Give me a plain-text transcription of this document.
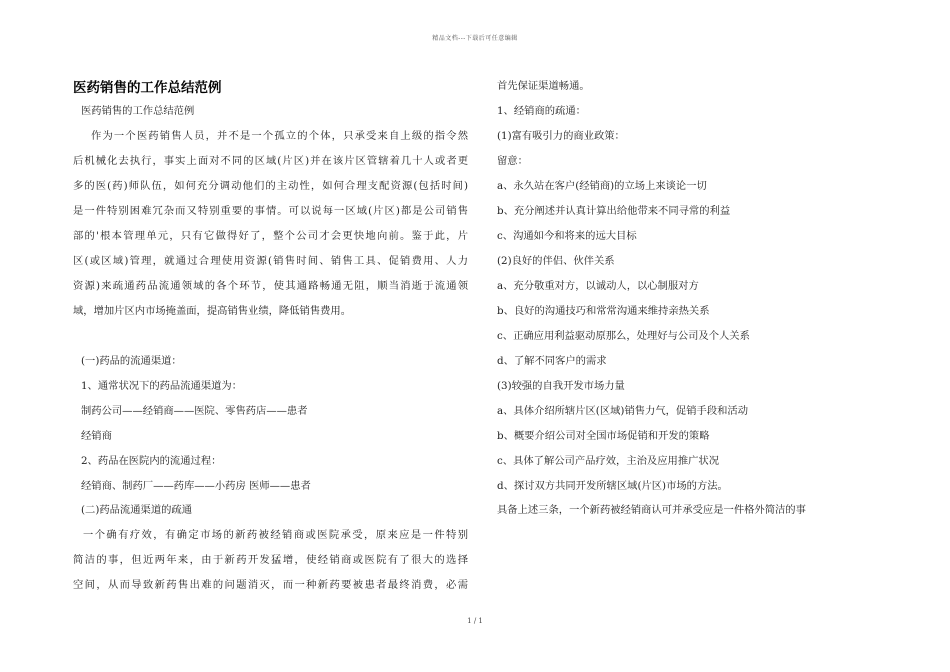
精品文档---下载后可任意编辑
医药销售的工作总结范例
医药销售的工作总结范例
作为一个医药销售人员，并不是一个孤立的个体，只承受来自上级的指令然
后机械化去执行，事实上面对不同的区域(片区)并在该片区管辖着几十人或者更
多的医(药)师队伍，如何充分调动他们的主动性，如何合理支配资源(包括时间)
是一件特别困难冗杂而又特别重要的事情。可以说每一区域(片区)都是公司销售
部的'根本管理单元，只有它做得好了，整个公司才会更快地向前。鉴于此，片
区(或区域)管理，就通过合理使用资源(销售时间、销售工具、促销费用、人力
资源)来疏通药品流通领域的各个环节，使其通路畅通无阻，顺当消逝于流通领
域，增加片区内市场掩盖面，提高销售业绩，降低销售费用。
(一)药品的流通渠道：
1、通常状况下的药品流通渠道为：
制药公司——经销商——医院、零售药店——患者
经销商
2、药品在医院内的流通过程：
经销商、制药厂——药库——小药房 医师——患者
(二)药品流通渠道的疏通
一个确有疗效，有确定市场的新药被经销商或医院承受，原来应是一件特别
简洁的事，但近两年来，由于新药开发猛增，使经销商或医院有了很大的选择
空间，从而导致新药售出难的问题消灭，而一种新药要被患者最终消费，必需
首先保证渠道畅通。
1、经销商的疏通：
(1)富有吸引力的商业政策：
留意：
a、永久站在客户(经销商)的立场上来谈论一切
b、充分阐述并认真计算出给他带来不同寻常的利益
c、沟通如今和将来的远大目标
(2)良好的伴侣、伙伴关系
a、充分敬重对方，以诚动人，以心制服对方
b、良好的沟通技巧和常常沟通来维持亲热关系
c、正确应用利益驱动原那么，处理好与公司及个人关系
d、了解不同客户的需求
(3)较强的自我开发市场力量
a、具体介绍所辖片区(区域)销售力气，促销手段和活动
b、概要介绍公司对全国市场促销和开发的策略
c、具体了解公司产品疗效，主治及应用推广状况
d、探讨双方共同开发所辖区域(片区)市场的方法。
具备上述三条，一个新药被经销商认可并承受应是一件格外简洁的事
1 / 1
